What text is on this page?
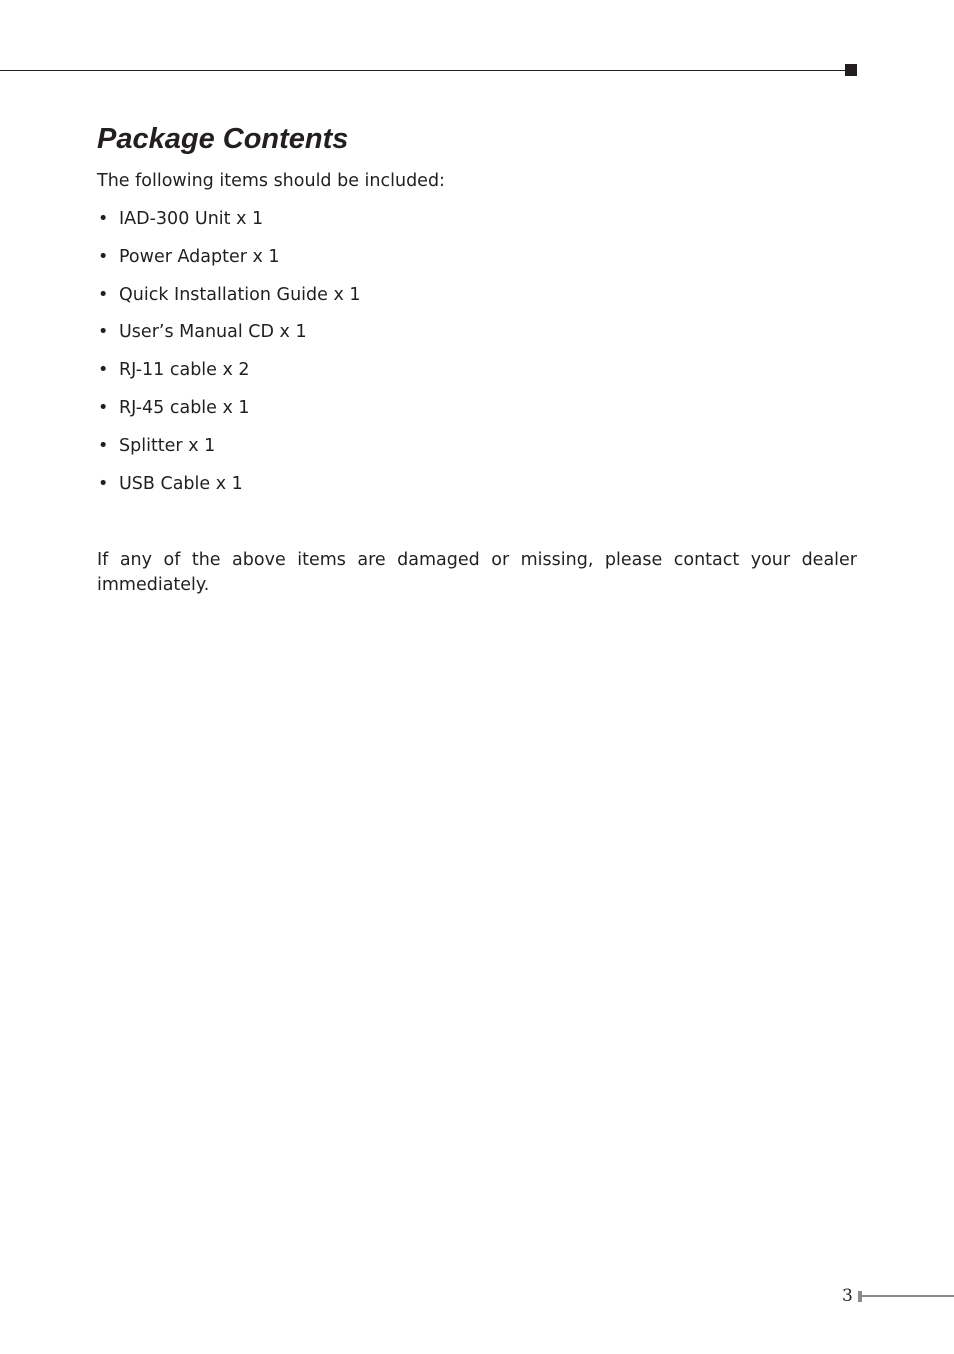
Package Contents

The following items should be included:

• IAD-300 Unit x 1
• Power Adapter x 1
• Quick Installation Guide x 1
• User’s Manual CD x 1
• RJ-11 cable x 2
• RJ-45 cable x 1
• Splitter x 1
• USB Cable x 1

If any of the above items are damaged or missing, please contact your dealer immediately.

3
